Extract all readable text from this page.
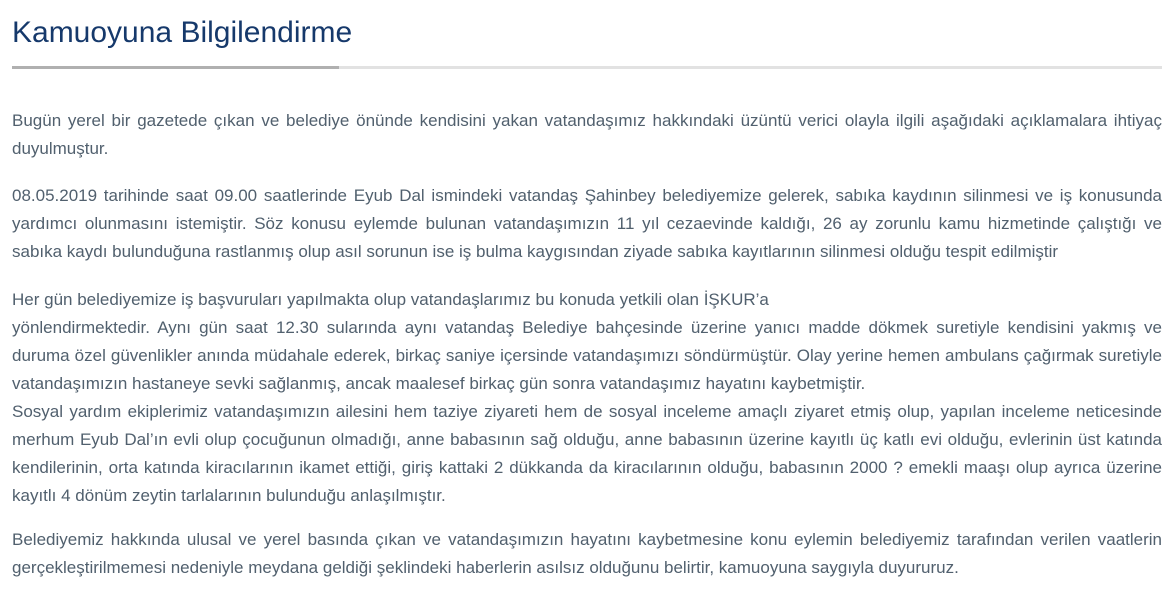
Kamuoyuna Bilgilendirme

Bugün yerel bir gazetede çıkan ve belediye önünde kendisini yakan vatandaşımız hakkındaki üzüntü verici olayla ilgili aşağıdaki açıklamalara ihtiyaç duyulmuştur.

08.05.2019 tarihinde saat 09.00 saatlerinde Eyub Dal ismindeki vatandaş Şahinbey belediyemize gelerek, sabıka kaydının silinmesi ve iş konusunda yardımcı olunmasını istemiştir. Söz konusu eylemde bulunan vatandaşımızın 11 yıl cezaevinde kaldığı, 26 ay zorunlu kamu hizmetinde çalıştığı ve sabıka kaydı bulunduğuna rastlanmış olup asıl sorunun ise iş bulma kaygısından ziyade sabıka kayıtlarının silinmesi olduğu tespit edilmiştir

Her gün belediyemize iş başvuruları yapılmakta olup vatandaşlarımız bu konuda yetkili olan İŞKUR’a
yönlendirmektedir. Aynı gün saat 12.30 sularında aynı vatandaş Belediye bahçesinde üzerine yanıcı madde dökmek suretiyle kendisini yakmış ve duruma özel güvenlikler anında müdahale ederek, birkaç saniye içersinde vatandaşımızı söndürmüştür. Olay yerine hemen ambulans çağırmak suretiyle vatandaşımızın hastaneye sevki sağlanmış, ancak maalesef birkaç gün sonra vatandaşımız hayatını kaybetmiştir.
Sosyal yardım ekiplerimiz vatandaşımızın ailesini hem taziye ziyareti hem de sosyal inceleme amaçlı ziyaret etmiş olup, yapılan inceleme neticesinde merhum Eyub Dal’ın evli olup çocuğunun olmadığı, anne babasının sağ olduğu, anne babasının üzerine kayıtlı üç katlı evi olduğu, evlerinin üst katında kendilerinin, orta katında kiracılarının ikamet ettiği, giriş kattaki 2 dükkanda da kiracılarının olduğu, babasının 2000 ? emekli maaşı olup ayrıca üzerine kayıtlı 4 dönüm zeytin tarlalarının bulunduğu anlaşılmıştır.

Belediyemiz hakkında ulusal ve yerel basında çıkan ve vatandaşımızın hayatını kaybetmesine konu eylemin belediyemiz tarafından verilen vaatlerin gerçekleştirilmemesi nedeniyle meydana geldiği şeklindeki haberlerin asılsız olduğunu belirtir, kamuoyuna saygıyla duyururuz.
